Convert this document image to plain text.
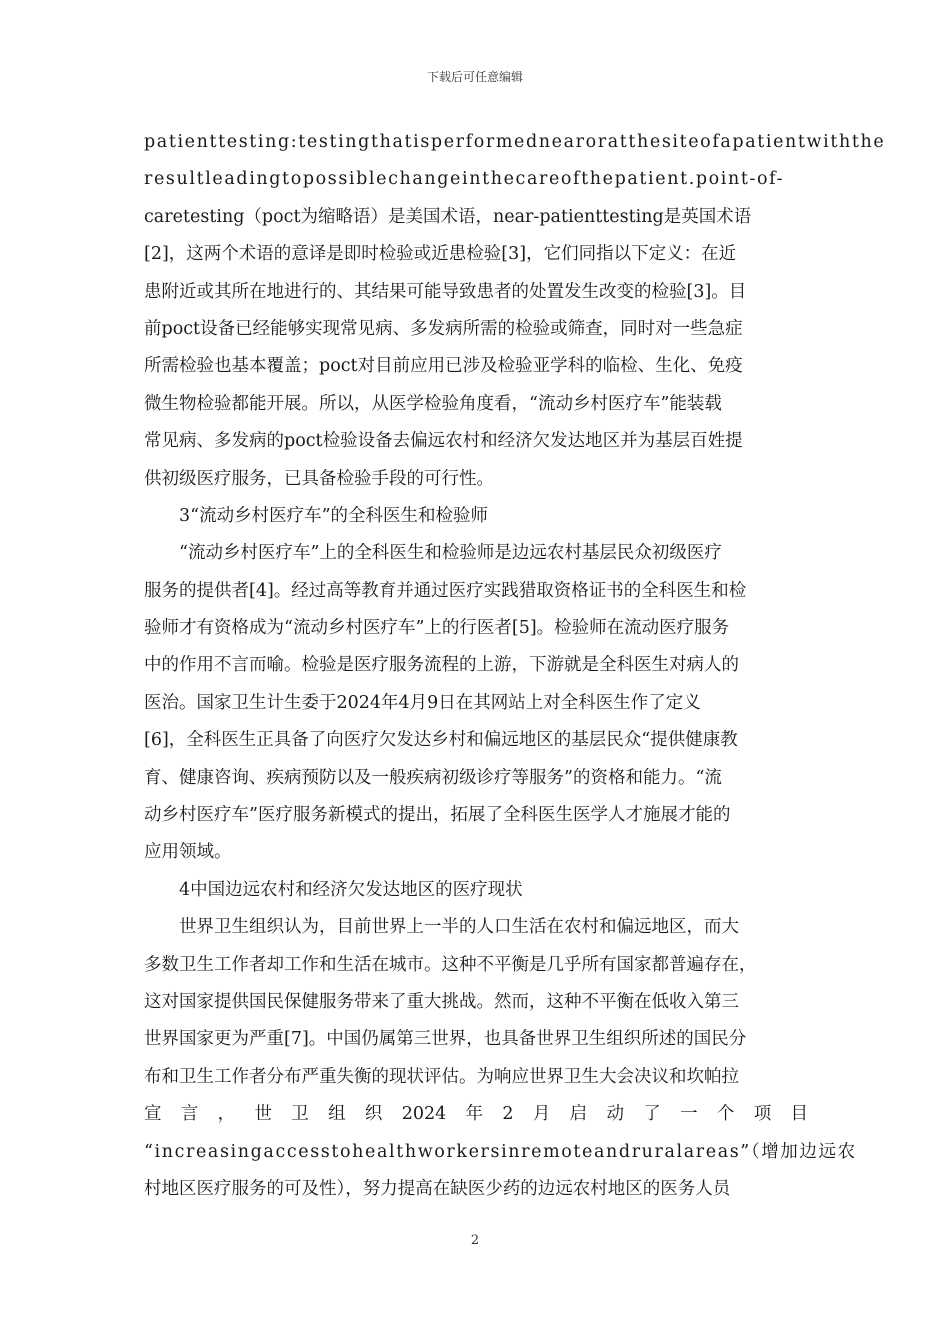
下载后可任意编辑
patienttesting:testingthatisperformednearoratthesiteofapatientwiththe
resultleadingtopossiblechangeinthecareofthepatient.point-of-
caretesting（poct为缩略语）是美国术语，near-patienttesting是英国术语
[2]，这两个术语的意译是即时检验或近患检验[3]，它们同指以下定义：在近
患附近或其所在地进行的、其结果可能导致患者的处置发生改变的检验[3]。目
前poct设备已经能够实现常见病、多发病所需的检验或筛查，同时对一些急症
所需检验也基本覆盖；poct对目前应用已涉及检验亚学科的临检、生化、免疫
微生物检验都能开展。所以，从医学检验角度看，“流动乡村医疗车”能装载
常见病、多发病的poct检验设备去偏远农村和经济欠发达地区并为基层百姓提
供初级医疗服务，已具备检验手段的可行性。
3“流动乡村医疗车”的全科医生和检验师
“流动乡村医疗车”上的全科医生和检验师是边远农村基层民众初级医疗
服务的提供者[4]。经过高等教育并通过医疗实践猎取资格证书的全科医生和检
验师才有资格成为“流动乡村医疗车”上的行医者[5]。检验师在流动医疗服务
中的作用不言而喻。检验是医疗服务流程的上游，下游就是全科医生对病人的
医治。国家卫生计生委于2024年4月9日在其网站上对全科医生作了定义
[6]，全科医生正具备了向医疗欠发达乡村和偏远地区的基层民众“提供健康教
育、健康咨询、疾病预防以及一般疾病初级诊疗等服务”的资格和能力。“流
动乡村医疗车”医疗服务新模式的提出，拓展了全科医生医学人才施展才能的
应用领域。
4中国边远农村和经济欠发达地区的医疗现状
世界卫生组织认为，目前世界上一半的人口生活在农村和偏远地区，而大
多数卫生工作者却工作和生活在城市。这种不平衡是几乎所有国家都普遍存在，
这对国家提供国民保健服务带来了重大挑战。然而，这种不平衡在低收入第三
世界国家更为严重[7]。中国仍属第三世界，也具备世界卫生组织所述的国民分
布和卫生工作者分布严重失衡的现状评估。为响应世界卫生大会决议和坎帕拉
宣 言 ， 世 卫 组 织 2024 年 2 月 启 动 了 一 个 项 目
“increasingaccesstohealthworkersinremoteandruralareas”（增加边远农
村地区医疗服务的可及性），努力提高在缺医少药的边远农村地区的医务人员
2
